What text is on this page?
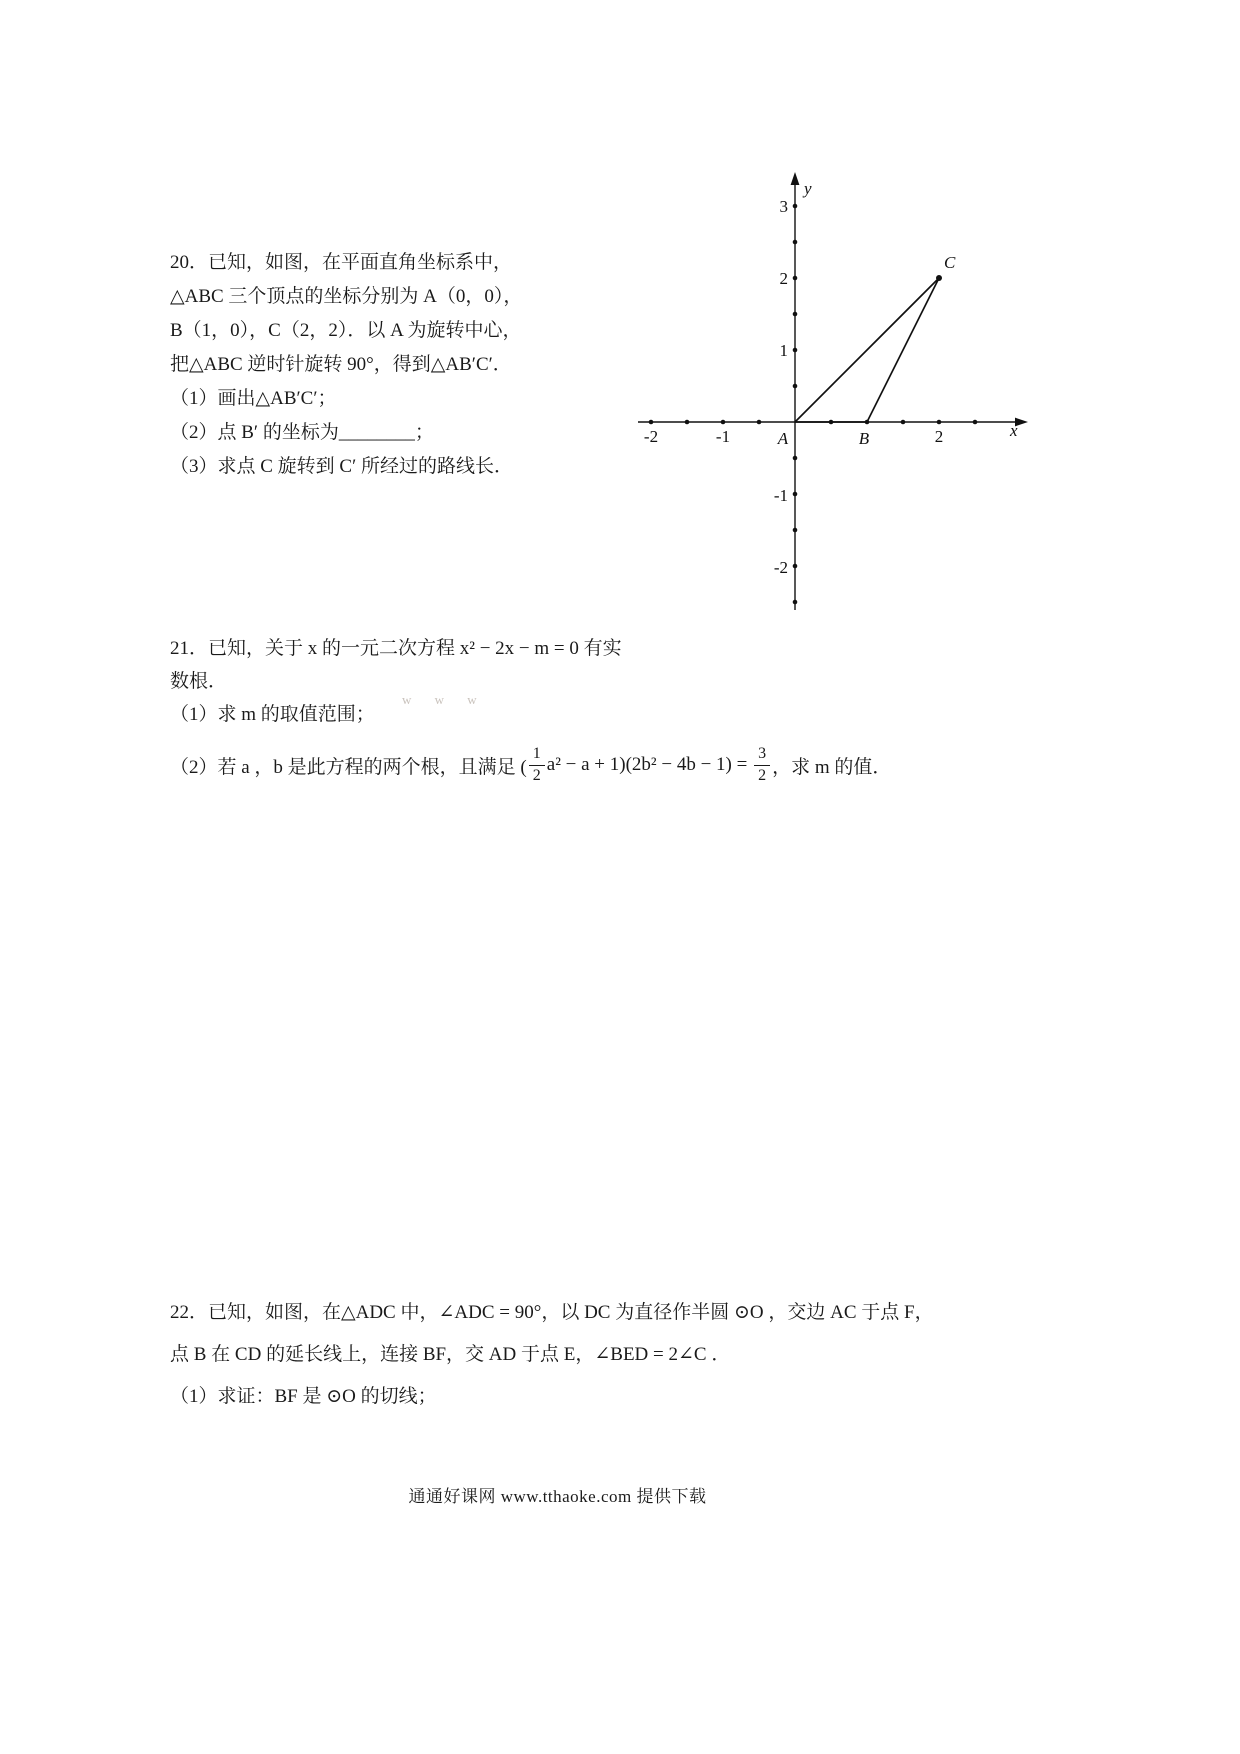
20．已知，如图，在平面直角坐标系中，
△ABC 三个顶点的坐标分别为 A（0，0），
B（1，0），C（2，2）．以 A 为旋转中心，
把△ABC 逆时针旋转 90°，得到△AB′C′．
（1）画出△AB′C′；
（2）点 B′ 的坐标为________；
（3）求点 C 旋转到 C′ 所经过的路线长．
3
2
1
-1
-2
-2	-1	2
A	B
C
x
y
w w w
21．已知，关于 x 的一元二次方程 x² − 2x − m = 0 有实
数根．
（1）求 m 的取值范围；
（2）若 a ，b 是此方程的两个根，且满足 ( $\frac{1}{2} a^2 - a + 1)(2b^2 - 4b - 1) = \frac{3}{2}$ ，求 m 的值．
22．已知，如图，在△ADC 中，∠ADC = 90°，以 DC 为直径作半圆 ⊙O ，交边 AC 于点 F，
点 B 在 CD 的延长线上，连接 BF，交 AD 于点 E，∠BED = 2∠C ．
（1）求证：BF 是 ⊙O 的切线；
通通好课网 www.tthaoke.com 提供下载
